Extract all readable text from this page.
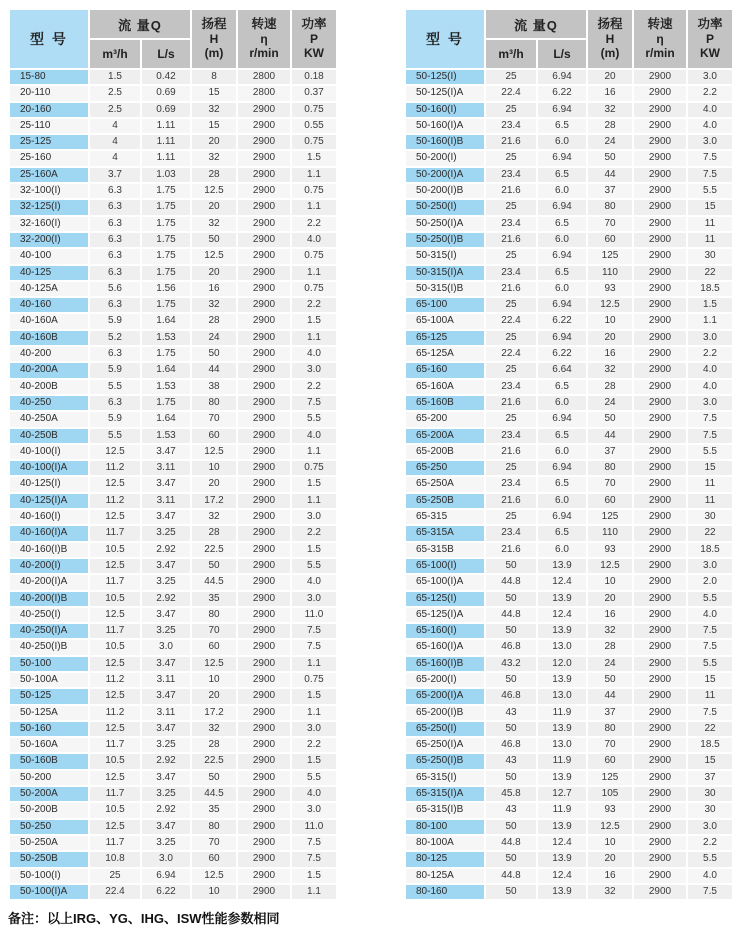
型 号	流 量Q		扬程
H
(m)	转速
η
r/min	功率
P
KW

	m³/h	L/s			
15-80	1.5	0.42	8	2800	0.18
20-110	2.5	0.69	15	2800	0.37
20-160	2.5	0.69	32	2900	0.75
25-110	4	1.11	15	2900	0.55
25-125	4	1.11	20	2900	0.75
25-160	4	1.11	32	2900	1.5
25-160A	3.7	1.03	28	2900	1.1
32-100(I)	6.3	1.75	12.5	2900	0.75
32-125(I)	6.3	1.75	20	2900	1.1
32-160(I)	6.3	1.75	32	2900	2.2
32-200(I)	6.3	1.75	50	2900	4.0
40-100	6.3	1.75	12.5	2900	0.75
40-125	6.3	1.75	20	2900	1.1
40-125A	5.6	1.56	16	2900	0.75
40-160	6.3	1.75	32	2900	2.2
40-160A	5.9	1.64	28	2900	1.5
40-160B	5.2	1.53	24	2900	1.1
40-200	6.3	1.75	50	2900	4.0
40-200A	5.9	1.64	44	2900	3.0
40-200B	5.5	1.53	38	2900	2.2
40-250	6.3	1.75	80	2900	7.5
40-250A	5.9	1.64	70	2900	5.5
40-250B	5.5	1.53	60	2900	4.0
40-100(I)	12.5	3.47	12.5	2900	1.1
40-100(I)A	11.2	3.11	10	2900	0.75
40-125(I)	12.5	3.47	20	2900	1.5
40-125(I)A	11.2	3.11	17.2	2900	1.1
40-160(I)	12.5	3.47	32	2900	3.0
40-160(I)A	11.7	3.25	28	2900	2.2
40-160(I)B	10.5	2.92	22.5	2900	1.5
40-200(I)	12.5	3.47	50	2900	5.5
40-200(I)A	11.7	3.25	44.5	2900	4.0
40-200(I)B	10.5	2.92	35	2900	3.0
40-250(I)	12.5	3.47	80	2900	11.0
40-250(I)A	11.7	3.25	70	2900	7.5
40-250(I)B	10.5	3.0	60	2900	7.5
50-100	12.5	3.47	12.5	2900	1.1
50-100A	11.2	3.11	10	2900	0.75
50-125	12.5	3.47	20	2900	1.5
50-125A	11.2	3.11	17.2	2900	1.1
50-160	12.5	3.47	32	2900	3.0
50-160A	11.7	3.25	28	2900	2.2
50-160B	10.5	2.92	22.5	2900	1.5
50-200	12.5	3.47	50	2900	5.5
50-200A	11.7	3.25	44.5	2900	4.0
50-200B	10.5	2.92	35	2900	3.0
50-250	12.5	3.47	80	2900	11.0
50-250A	11.7	3.25	70	2900	7.5
50-250B	10.8	3.0	60	2900	7.5
50-100(I)	25	6.94	12.5	2900	1.5
50-100(I)A	22.4	6.22	10	2900	1.1
型 号	流 量Q		扬程
H
(m)	转速
η
r/min	功率
P
KW

	m³/h	L/s			
50-125(I)	25	6.94	20	2900	3.0
50-125(I)A	22.4	6.22	16	2900	2.2
50-160(I)	25	6.94	32	2900	4.0
50-160(I)A	23.4	6.5	28	2900	4.0
50-160(I)B	21.6	6.0	24	2900	3.0
50-200(I)	25	6.94	50	2900	7.5
50-200(I)A	23.4	6.5	44	2900	7.5
50-200(I)B	21.6	6.0	37	2900	5.5
50-250(I)	25	6.94	80	2900	15
50-250(I)A	23.4	6.5	70	2900	11
50-250(I)B	21.6	6.0	60	2900	11
50-315(I)	25	6.94	125	2900	30
50-315(I)A	23.4	6.5	110	2900	22
50-315(I)B	21.6	6.0	93	2900	18.5
65-100	25	6.94	12.5	2900	1.5
65-100A	22.4	6.22	10	2900	1.1
65-125	25	6.94	20	2900	3.0
65-125A	22.4	6.22	16	2900	2.2
65-160	25	6.64	32	2900	4.0
65-160A	23.4	6.5	28	2900	4.0
65-160B	21.6	6.0	24	2900	3.0
65-200	25	6.94	50	2900	7.5
65-200A	23.4	6.5	44	2900	7.5
65-200B	21.6	6.0	37	2900	5.5
65-250	25	6.94	80	2900	15
65-250A	23.4	6.5	70	2900	11
65-250B	21.6	6.0	60	2900	11
65-315	25	6.94	125	2900	30
65-315A	23.4	6.5	110	2900	22
65-315B	21.6	6.0	93	2900	18.5
65-100(I)	50	13.9	12.5	2900	3.0
65-100(I)A	44.8	12.4	10	2900	2.0
65-125(I)	50	13.9	20	2900	5.5
65-125(I)A	44.8	12.4	16	2900	4.0
65-160(I)	50	13.9	32	2900	7.5
65-160(I)A	46.8	13.0	28	2900	7.5
65-160(I)B	43.2	12.0	24	2900	5.5
65-200(I)	50	13.9	50	2900	15
65-200(I)A	46.8	13.0	44	2900	11
65-200(I)B	43	11.9	37	2900	7.5
65-250(I)	50	13.9	80	2900	22
65-250(I)A	46.8	13.0	70	2900	18.5
65-250(I)B	43	11.9	60	2900	15
65-315(I)	50	13.9	125	2900	37
65-315(I)A	45.8	12.7	105	2900	30
65-315(I)B	43	11.9	93	2900	30
80-100	50	13.9	12.5	2900	3.0
80-100A	44.8	12.4	10	2900	2.2
80-125	50	13.9	20	2900	5.5
80-125A	44.8	12.4	16	2900	4.0
80-160	50	13.9	32	2900	7.5
备注：以上IRG、YG、IHG、ISW性能参数相同
